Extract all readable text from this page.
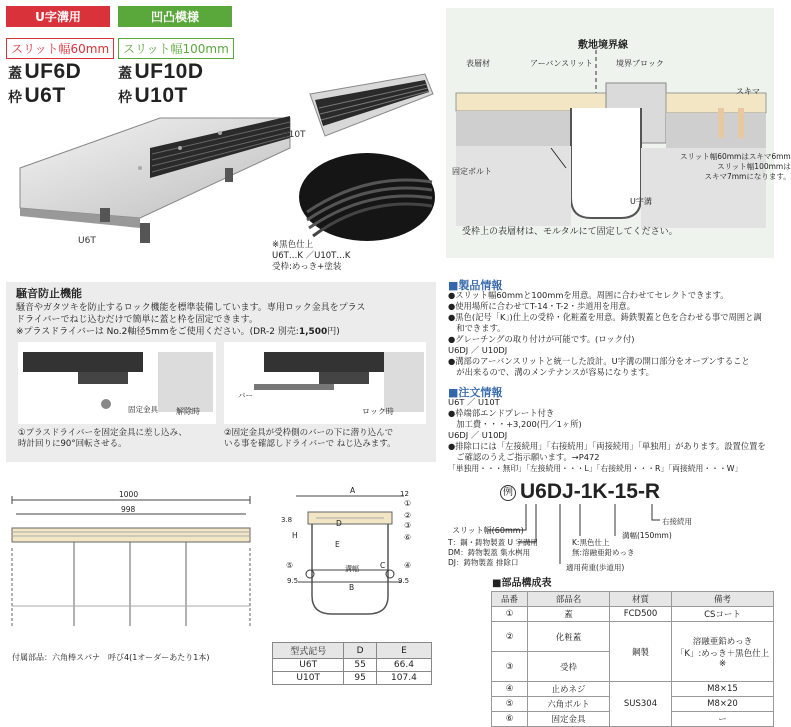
U字溝用	凹凸模様
スリット幅60mm	スリット幅100mm
蓋UF6D
枠U6T
蓋UF10D
枠U10T
U6T
U10T
※黒色仕上
U6T…K ／U10T…K
受枠:めっき+塗装
敷地境界線
表層材	アーバンスリット	境界ブロック
固定ボルト
U字溝
受枠上の表層材は、モルタルにて固定してください。
スキマ
スリット幅60mmはスキマ6mm
スリット幅100mmは
スキマ7mmになります。
騒音防止機能
騒音やガタツキを防止するロック機能を標準装備しています。専用ロック金具をプラス
ドライバーでねじ込むだけで簡単に蓋と枠を固定できます。
※プラスドライバーは No.2軸径5mmをご使用ください。(DR-2 別売:1,500円)
固定金具 解除時
バー
ロック時
①プラスドライバーを固定金具に差し込み、
時計回りに90°回転させる。
②固定金具が受枠側のバーの下に潜り込んで
いる事を確認しドライバーで ねじ込みます。
■製品情報
●スリット幅60mmと100mmを用意。周囲に合わせてセレクトできます。
●使用場所に合わせてT-14・T-2・歩道用を用意。
●黒色(記号「K」)仕上の受枠・化粧蓋を用意。鋳鉄製蓋と色を合わせる事で周囲と調
　和できます。
●グレーチングの取り付けが可能です。(ロック付)
U6DJ ／ U10DJ
●溝部のアーバンスリットと統一した設計。U字溝の開口部分をオープンすること
　が出来るので、溝のメンテナンスが容易になります。
■注文情報
U6T ／ U10T
●枠端部エンドプレート付き
　加工費・・・+3,200(円／1ヶ所)
U6DJ ／ U10DJ
●排除口には「左接続用」「右接続用」「両接続用」「単独用」があります。設置位置を
　ご確認のうえご指示願います。→P472
「単独用・・・無印」「左接続用・・・L」「右接続用・・・R」「両接続用・・・W」
例 U6DJ-1K-15-R
スリット幅(60mm)
T：鋼・鋳物製蓋 U 字溝用
DM：鋳物製蓋 集水桝用
DJ：鋳物製蓋 排除口
K:黒色仕上
無:溶融亜鉛めっき
適用荷重(歩道用)
溝幅(150mm)
右接続用
1000
998
付属部品：六角棒スパナ　呼び4(1オーダーあたり1本)
A
B
C
D
E
H
溝幅
12
3.8
9.5	9.5
①
②
③
⑥
⑤	④
型式記号	D	E
U6T	55	66.4
U10T	95	107.4
■部品構成表
品番	部品名	材質	備考
①	蓋	FCD500	CSコート
②	化粧蓋	鋼製	溶融亜鉛めっき
「K」:めっき＋黒色仕上※

③	受枠		
④	止めネジ	SUS304	M8×15
⑤	六角ボルト		M8×20
⑥	固定金具		ー
